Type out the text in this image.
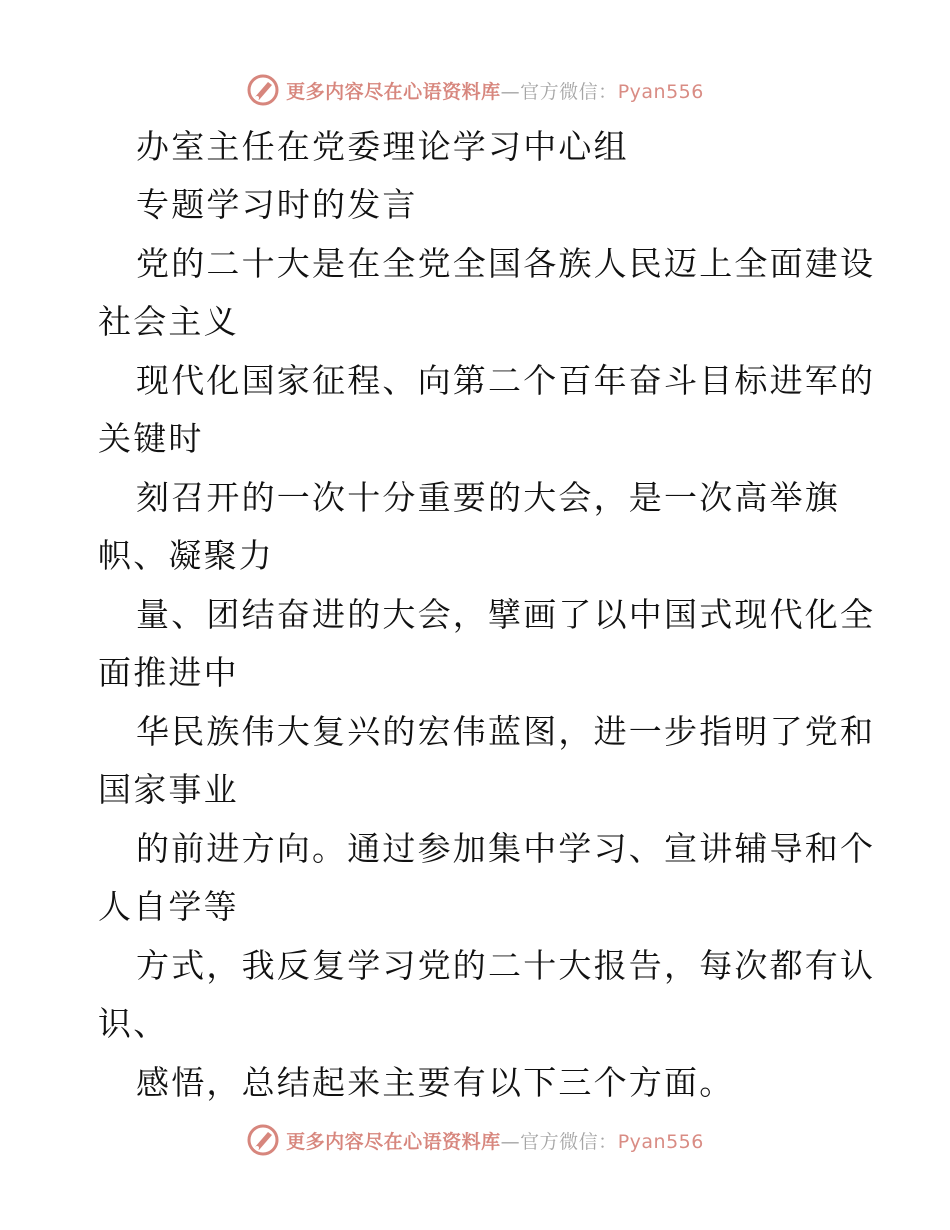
更多内容尽在心语资料库—官方微信：Pyan556
办室主任在党委理论学习中心组
专题学习时的发言
党的二十大是在全党全国各族人民迈上全面建设
社会主义
现代化国家征程、向第二个百年奋斗目标进军的
关键时
刻召开的一次十分重要的大会，是一次高举旗
帜、凝聚力
量、团结奋进的大会，擘画了以中国式现代化全
面推进中
华民族伟大复兴的宏伟蓝图，进一步指明了党和
国家事业
的前进方向。通过参加集中学习、宣讲辅导和个
人自学等
方式，我反复学习党的二十大报告，每次都有认
识、
感悟，总结起来主要有以下三个方面。
更多内容尽在心语资料库—官方微信：Pyan556
